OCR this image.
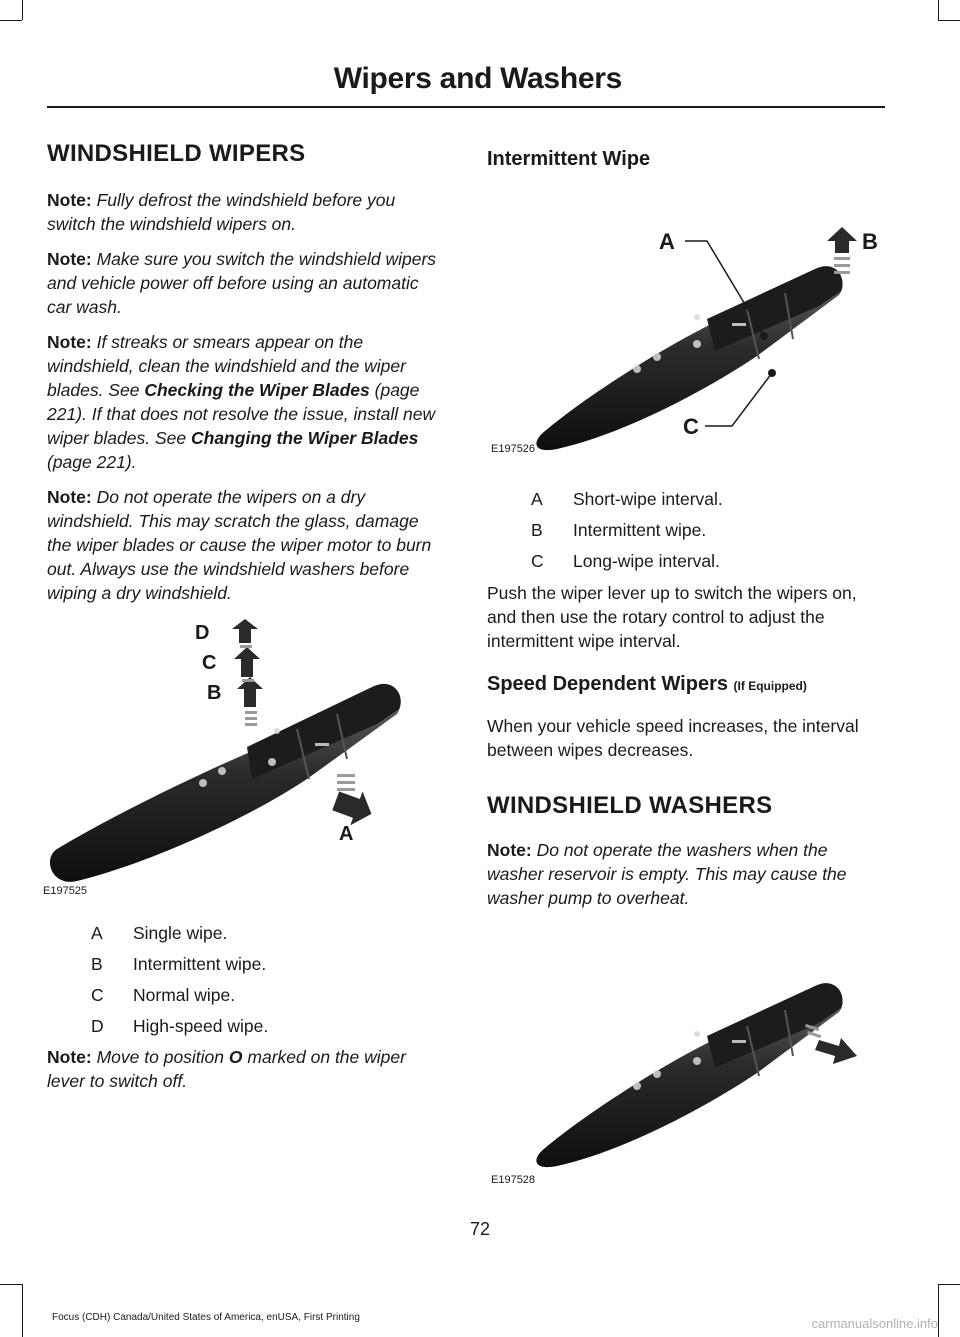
Wipers and Washers
WINDSHIELD WIPERS

Note: Fully defrost the windshield before you switch the windshield wipers on.

Note: Make sure you switch the windshield wipers and vehicle power off before using an automatic car wash.

Note: If streaks or smears appear on the windshield, clean the windshield and the wiper blades. See Checking the Wiper Blades (page 221). If that does not resolve the issue, install new wiper blades. See Changing the Wiper Blades (page 221).

Note: Do not operate the wipers on a dry windshield. This may scratch the glass, damage the wiper blades or cause the wiper motor to burn out. Always use the windshield washers before wiping a dry windshield.

D
C
B
A
E197525
A	Single wipe.
B	Intermittent wipe.
C	Normal wipe.
D	High-speed wipe.

Note: Move to position O marked on the wiper lever to switch off.

Intermittent Wipe
A	B
C
E197526
A	Short-wipe interval.
B	Intermittent wipe.
C	Long-wipe interval.

Push the wiper lever up to switch the wipers on, and then use the rotary control to adjust the intermittent wipe interval.

Speed Dependent Wipers (If Equipped)

When your vehicle speed increases, the interval between wipes decreases.

WINDSHIELD WASHERS

Note: Do not operate the washers when the washer reservoir is empty. This may cause the washer pump to overheat.

E197528
72
Focus (CDH) Canada/United States of America, enUSA, First Printing	carmanualsonline.info
